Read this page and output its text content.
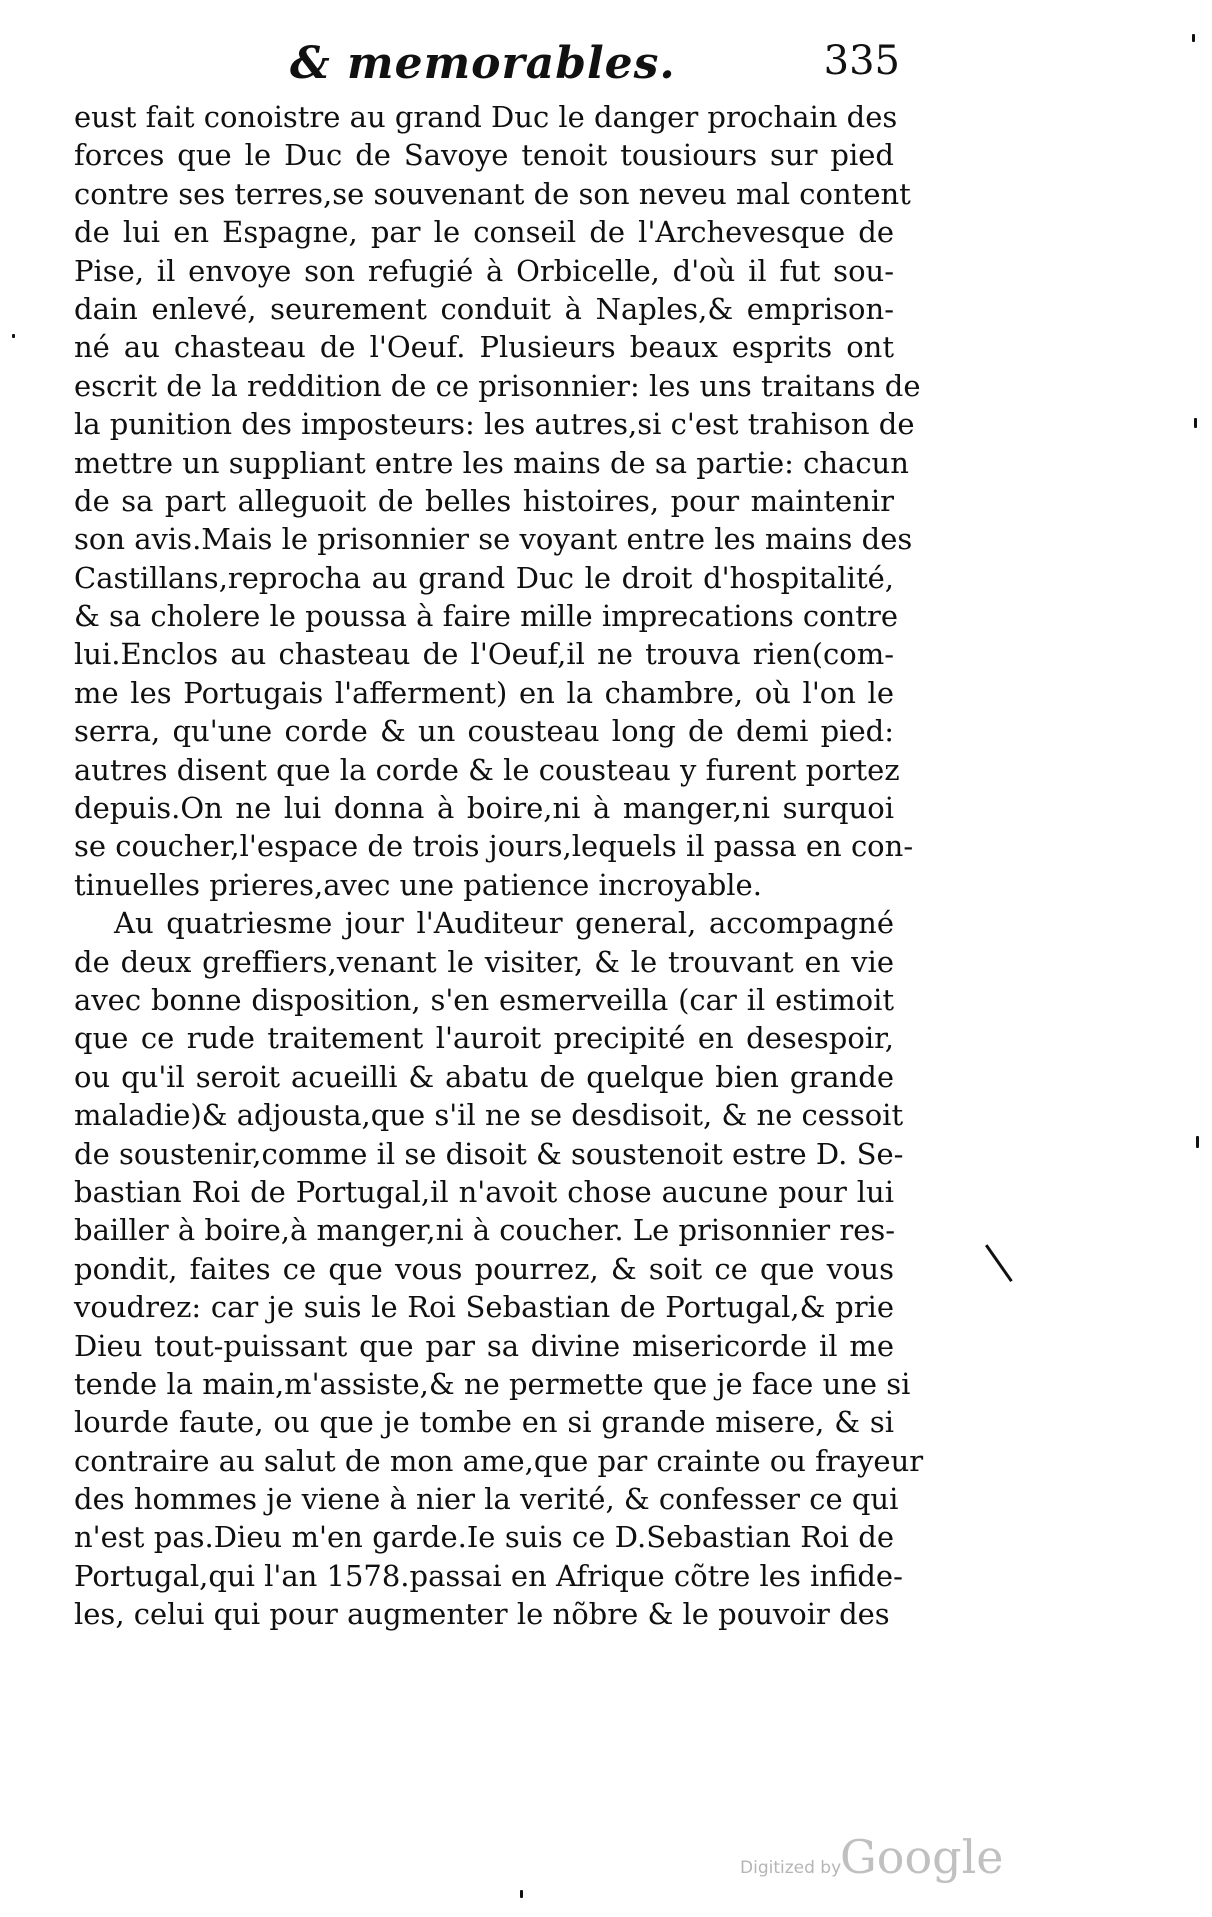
& memorables.	335
eust fait conoistre au grand Duc le danger prochain des
forces que le Duc de Savoye tenoit tousiours sur pied
contre ses terres,se souvenant de son neveu mal content
de lui en Espagne, par le conseil de l'Archevesque de
Pise, il envoye son refugié à Orbicelle, d'où il fut sou-
dain enlevé, seurement conduit à Naples,& emprison-
né au chasteau de l'Oeuf. Plusieurs beaux esprits ont
escrit de la reddition de ce prisonnier: les uns traitans de
la punition des imposteurs: les autres,si c'est trahison de
mettre un suppliant entre les mains de sa partie: chacun
de sa part alleguoit de belles histoires, pour maintenir
son avis.Mais le prisonnier se voyant entre les mains des
Castillans,reprocha au grand Duc le droit d'hospitalité,
& sa cholere le poussa à faire mille imprecations contre
lui.Enclos au chasteau de l'Oeuf,il ne trouva rien(com-
me les Portugais l'afferment) en la chambre, où l'on le
serra, qu'une corde & un cousteau long de demi pied:
autres disent que la corde & le cousteau y furent portez
depuis.On ne lui donna à boire,ni à manger,ni surquoi
se coucher,l'espace de trois jours,lequels il passa en con-
tinuelles prieres,avec une patience incroyable.
Au quatriesme jour l'Auditeur general, accompagné
de deux greffiers,venant le visiter, & le trouvant en vie
avec bonne disposition, s'en esmerveilla (car il estimoit
que ce rude traitement l'auroit precipité en desespoir,
ou qu'il seroit acueilli & abatu de quelque bien grande
maladie)& adjousta,que s'il ne se desdisoit, & ne cessoit
de soustenir,comme il se disoit & soustenoit estre D. Se-
bastian Roi de Portugal,il n'avoit chose aucune pour lui
bailler à boire,à manger,ni à coucher. Le prisonnier res-
pondit, faites ce que vous pourrez, & soit ce que vous
voudrez: car je suis le Roi Sebastian de Portugal,& prie
Dieu tout-puissant que par sa divine misericorde il me
tende la main,m'assiste,& ne permette que je face une si
lourde faute, ou que je tombe en si grande misere, & si
contraire au salut de mon ame,que par crainte ou frayeur
des hommes je viene à nier la verité, & confesser ce qui
n'est pas.Dieu m'en garde.Ie suis ce D.Sebastian Roi de
Portugal,qui l'an 1578.passai en Afrique cõtre les infide-
les, celui qui pour augmenter le nõbre & le pouvoir des
Digitized by
Google
